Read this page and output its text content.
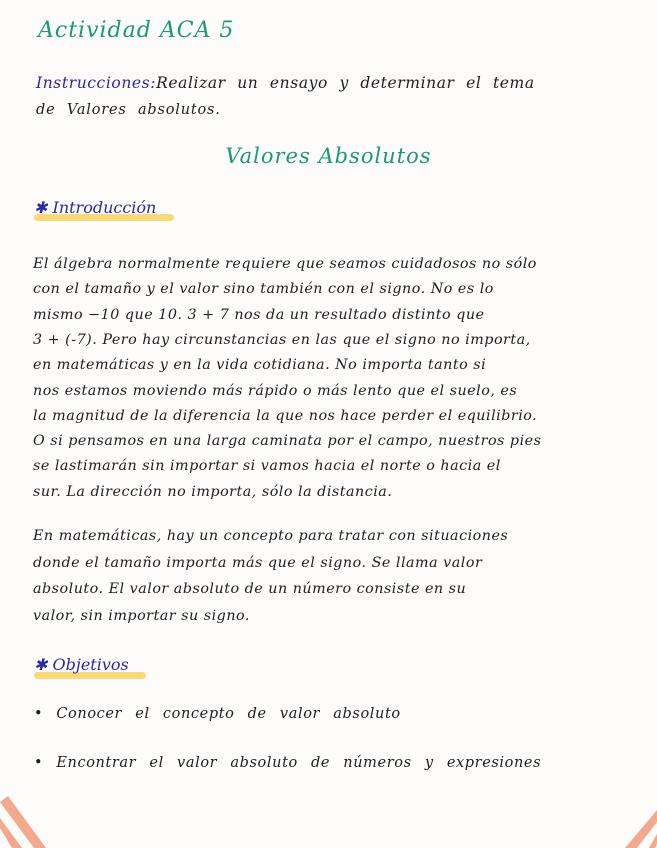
Actividad ACA 5
Instrucciones:Realizar un ensayo y determinar el tema
de Valores absolutos.
Valores Absolutos
✱ Introducción
El álgebra normalmente requiere que seamos cuidadosos no sólo
con el tamaño y el valor sino también con el signo. No es lo
mismo −10 que 10. 3 + 7 nos da un resultado distinto que
3 + (-7). Pero hay circunstancias en las que el signo no importa,
en matemáticas y en la vida cotidiana. No importa tanto si
nos estamos moviendo más rápido o más lento que el suelo, es
la magnitud de la diferencia la que nos hace perder el equilibrio.
O si pensamos en una larga caminata por el campo, nuestros pies
se lastimarán sin importar si vamos hacia el norte o hacia el
sur. La dirección no importa, sólo la distancia.
En matemáticas, hay un concepto para tratar con situaciones
donde el tamaño importa más que el signo. Se llama valor
absoluto. El valor absoluto de un número consiste en su
valor, sin importar su signo.
✱ Objetivos
• Conocer el concepto de valor absoluto
• Encontrar el valor absoluto de números y expresiones
